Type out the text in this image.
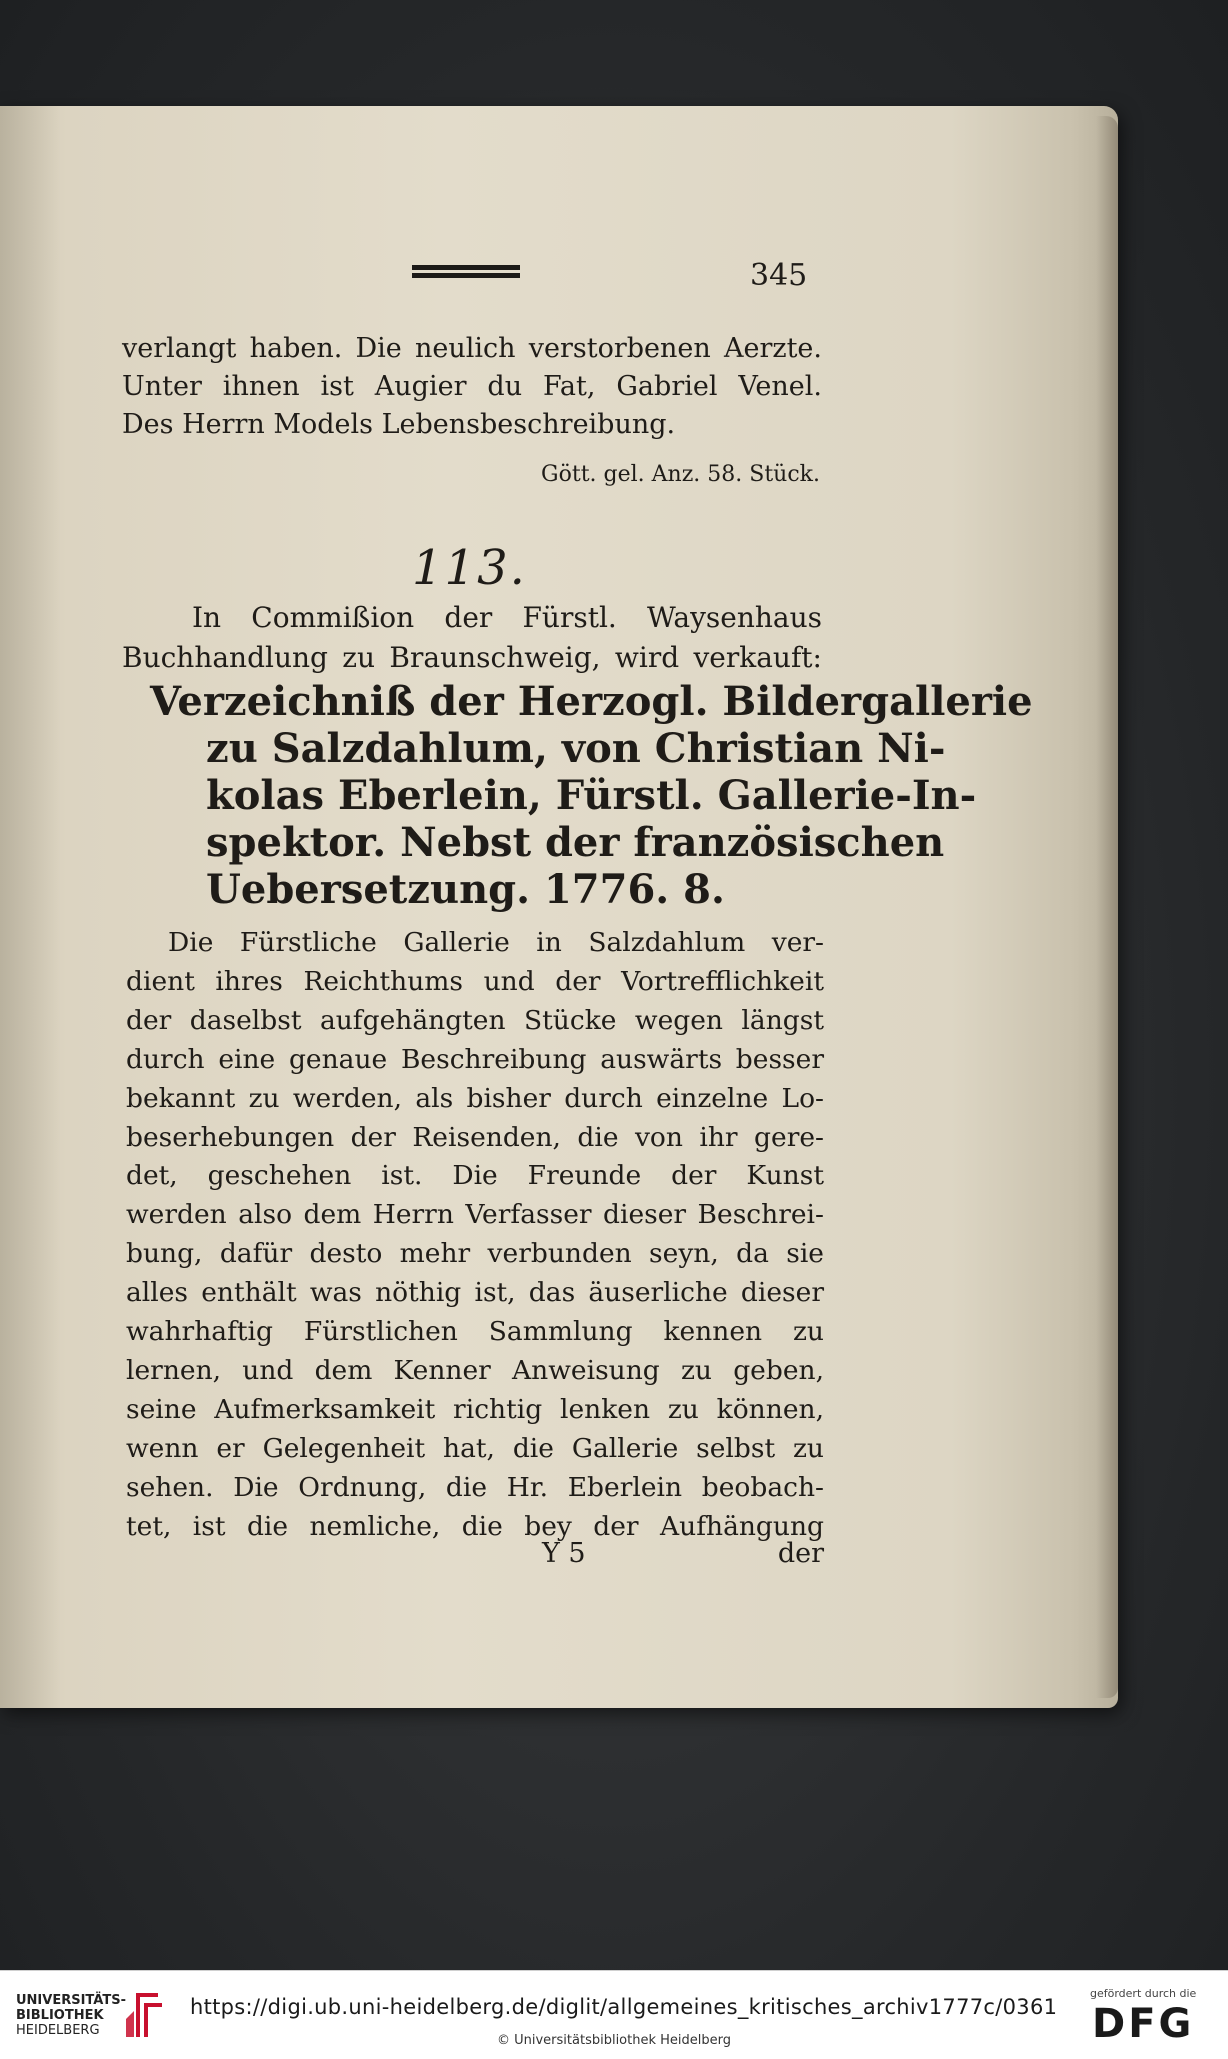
345
verlangt haben. Die neulich verstorbenen Aerzte.
Unter ihnen ist Augier du Fat, Gabriel Venel.
Des Herrn Models Lebensbeschreibung.
Gött. gel. Anz. 58. Stück.
113.
In Commißion der Fürstl. Waysenhaus
Buchhandlung zu Braunschweig, wird verkauft:
Verzeichniß der Herzogl. Bildergallerie
zu Salzdahlum, von Christian Ni-
kolas Eberlein, Fürstl. Gallerie-In-
spektor. Nebst der französischen
Uebersetzung. 1776. 8.
Die Fürstliche Gallerie in Salzdahlum ver-
dient ihres Reichthums und der Vortrefflichkeit
der daselbst aufgehängten Stücke wegen längst
durch eine genaue Beschreibung auswärts besser
bekannt zu werden, als bisher durch einzelne Lo-
beserhebungen der Reisenden, die von ihr gere-
det, geschehen ist. Die Freunde der Kunst
werden also dem Herrn Verfasser dieser Beschrei-
bung, dafür desto mehr verbunden seyn, da sie
alles enthält was nöthig ist, das äuserliche dieser
wahrhaftig Fürstlichen Sammlung kennen zu
lernen, und dem Kenner Anweisung zu geben,
seine Aufmerksamkeit richtig lenken zu können,
wenn er Gelegenheit hat, die Gallerie selbst zu
sehen. Die Ordnung, die Hr. Eberlein beobach-
tet, ist die nemliche, die bey der Aufhängung
Y 5	der
UNIVERSITÄTS-
BIBLIOTHEK
HEIDELBERG
https://digi.ub.uni-heidelberg.de/diglit/allgemeines_kritisches_archiv1777c/0361
© Universitätsbibliothek Heidelberg
gefördert durch die
DFG
